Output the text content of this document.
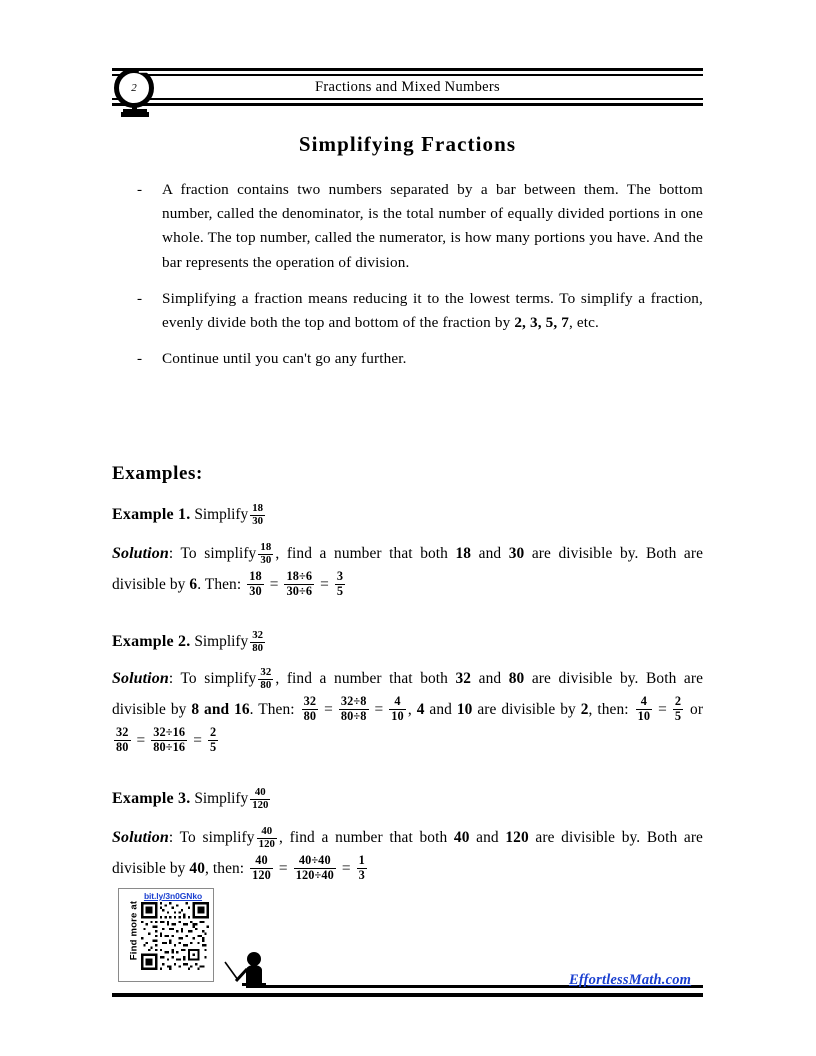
Fractions and Mixed Numbers
2
Simplifying Fractions
- A fraction contains two numbers separated by a bar between them. The bottom number, called the denominator, is the total number of equally divided portions in one whole. The top number, called the numerator, is how many portions you have. And the bar represents the operation of division.
- Simplifying a fraction means reducing it to the lowest terms. To simplify a fraction, evenly divide both the top and bottom of the fraction by 2, 3, 5, 7, etc.
- Continue until you can't go any further.
Examples:
Example 1. Simplify $\frac{18}{30}$
Solution: To simplify $\frac{18}{30}$ , find a number that both 18 and 30 are divisible by. Both are divisible by 6. Then: $\frac{18}{30} = \frac{18\div 6}{30\div 6} = \frac{3}{5}$
Example 2. Simplify $\frac{32}{80}$
Solution: To simplify $\frac{32}{80}$ , find a number that both 32 and 80 are divisible by. Both are divisible by 8 and 16. Then: $\frac{32}{80} = \frac{32\div 8}{80\div 8} = \frac{4}{10}$ , 4 and 10 are divisible by 2, then: $\frac{4}{10} = \frac{2}{5}$ or
$\frac{32}{80} = \frac{32\div 16}{80\div 16} = \frac{2}{5}$
Example 3. Simplify $\frac{40}{120}$
Solution: To simplify $\frac{40}{120}$ , find a number that both 40 and 120 are divisible by. Both are divisible by 40, then: $\frac{40}{120} = \frac{40\div 40}{120\div 40} = \frac{1}{3}$
bit.ly/3n0GNko
Find more at
EffortlessMath.com
